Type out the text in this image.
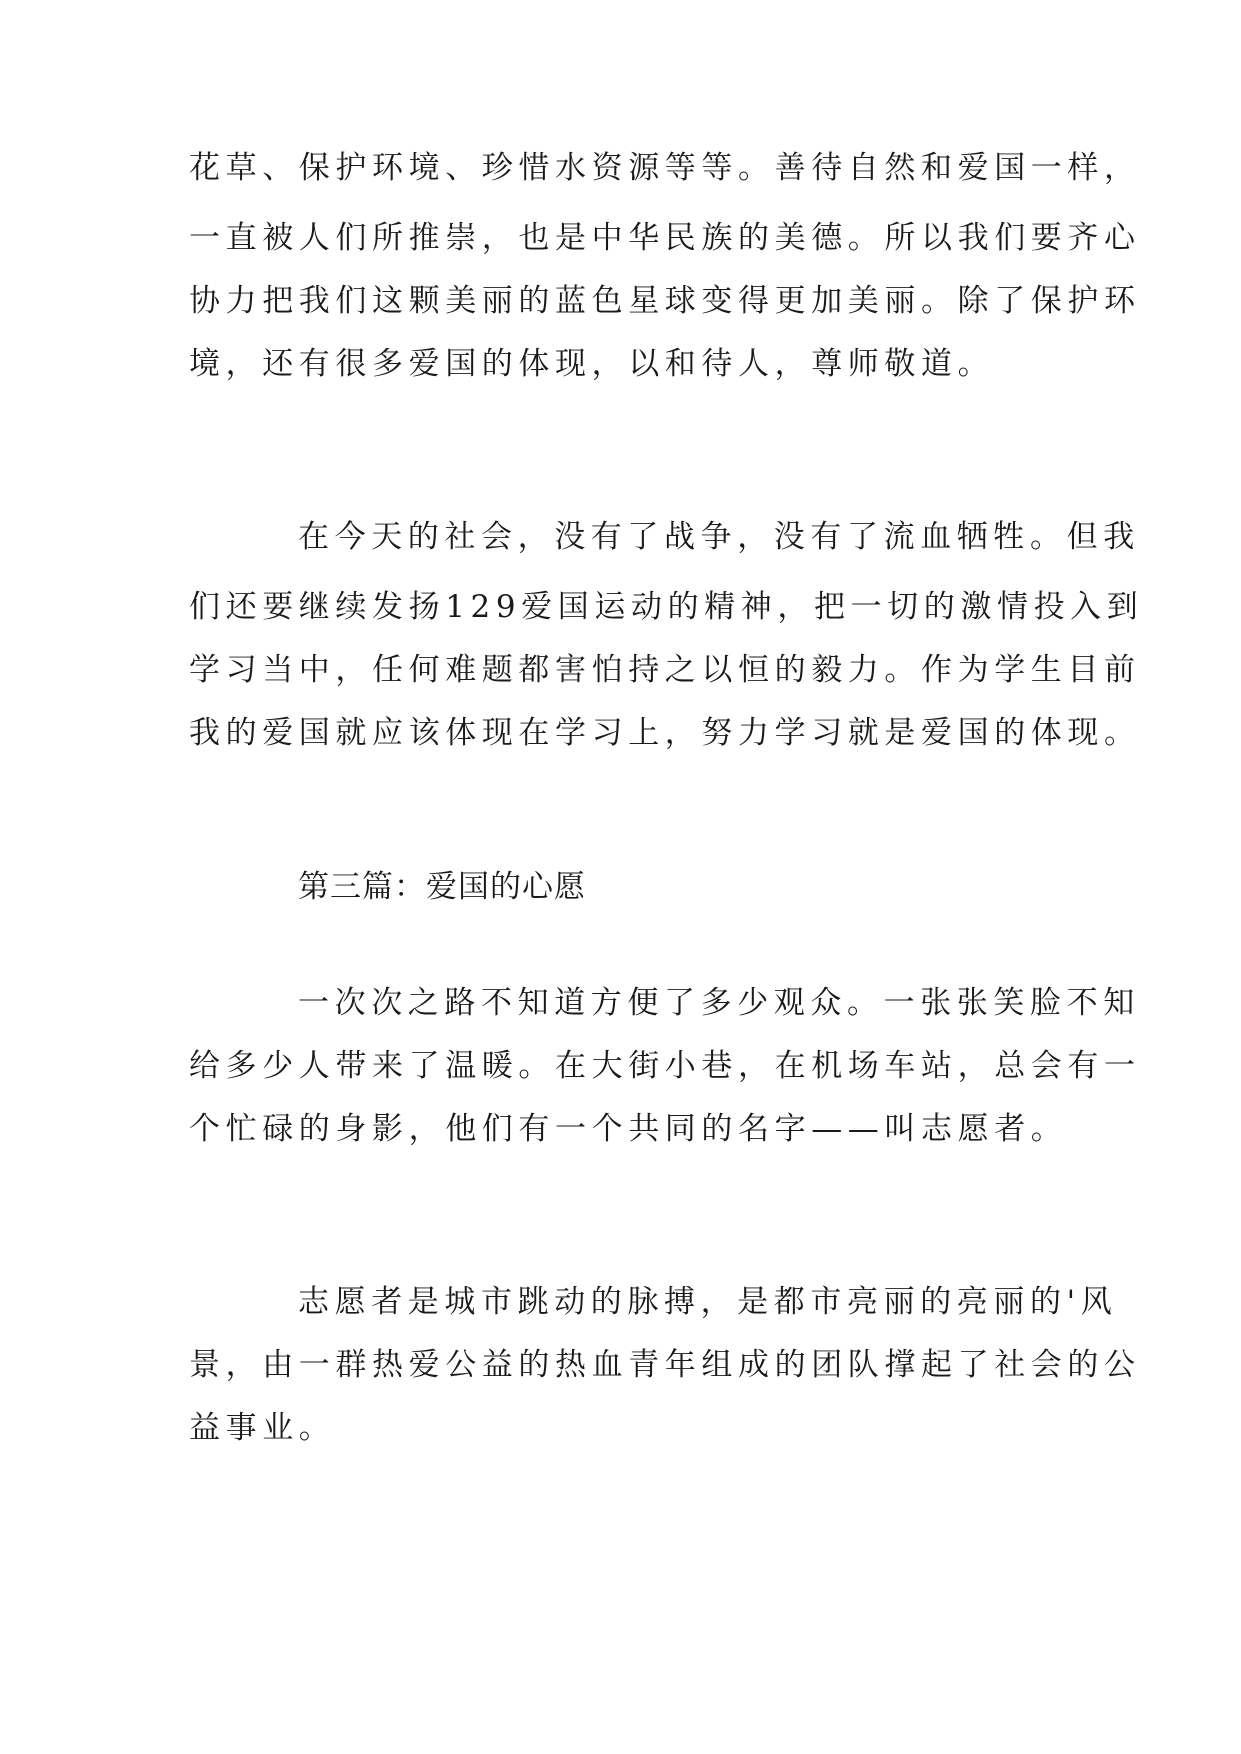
花草、保护环境、珍惜水资源等等。善待自然和爱国一样，
一直被人们所推崇，也是中华民族的美德。所以我们要齐心
协力把我们这颗美丽的蓝色星球变得更加美丽。除了保护环
境，还有很多爱国的体现，以和待人，尊师敬道。
在今天的社会，没有了战争，没有了流血牺牲。但我
们还要继续发扬129爱国运动的精神，把一切的激情投入到
学习当中，任何难题都害怕持之以恒的毅力。作为学生目前
我的爱国就应该体现在学习上，努力学习就是爱国的体现。
第三篇：爱国的心愿
一次次之路不知道方便了多少观众。一张张笑脸不知
给多少人带来了温暖。在大街小巷，在机场车站，总会有一
个忙碌的身影，他们有一个共同的名字——叫志愿者。
志愿者是城市跳动的脉搏，是都市亮丽的亮丽的'风
景，由一群热爱公益的热血青年组成的团队撑起了社会的公
益事业。
